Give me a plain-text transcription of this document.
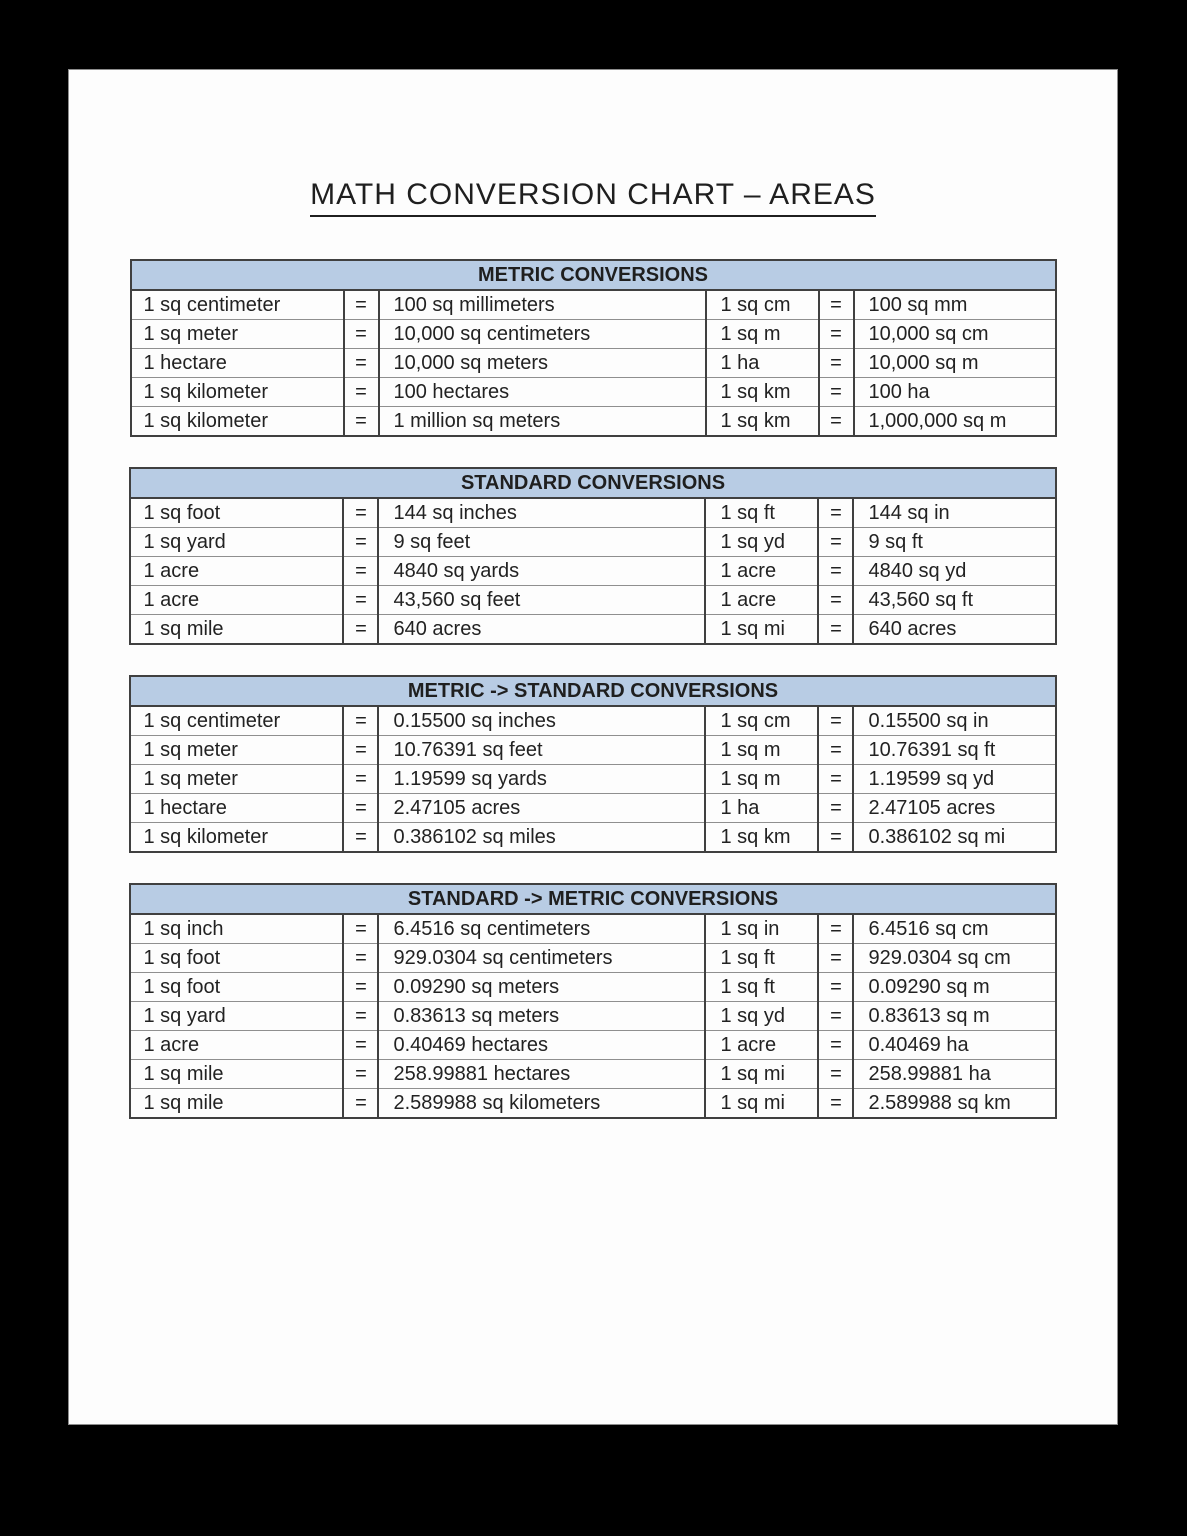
MATH CONVERSION CHART – AREAS
METRIC CONVERSIONS					
1 sq centimeter	=	100 sq millimeters	1 sq cm	=	100 sq mm
1 sq meter	=	10,000 sq centimeters	1 sq m	=	10,000 sq cm
1 hectare	=	10,000 sq meters	1 ha	=	10,000 sq m
1 sq kilometer	=	100 hectares	1 sq km	=	100 ha
1 sq kilometer	=	1 million sq meters	1 sq km	=	1,000,000 sq m
STANDARD CONVERSIONS					
1 sq foot	=	144 sq inches	1 sq ft	=	144 sq in
1 sq yard	=	9 sq feet	1 sq yd	=	9 sq ft
1 acre	=	4840 sq yards	1 acre	=	4840 sq yd
1 acre	=	43,560 sq feet	1 acre	=	43,560 sq ft
1 sq mile	=	640 acres	1 sq mi	=	640 acres
METRIC -> STANDARD CONVERSIONS					
1 sq centimeter	=	0.15500 sq inches	1 sq cm	=	0.15500 sq in
1 sq meter	=	10.76391 sq feet	1 sq m	=	10.76391 sq ft
1 sq meter	=	1.19599 sq yards	1 sq m	=	1.19599 sq yd
1 hectare	=	2.47105 acres	1 ha	=	2.47105 acres
1 sq kilometer	=	0.386102 sq miles	1 sq km	=	0.386102 sq mi
STANDARD -> METRIC CONVERSIONS					
1 sq inch	=	6.4516 sq centimeters	1 sq in	=	6.4516 sq cm
1 sq foot	=	929.0304 sq centimeters	1 sq ft	=	929.0304 sq cm
1 sq foot	=	0.09290 sq meters	1 sq ft	=	0.09290 sq m
1 sq yard	=	0.83613 sq meters	1 sq yd	=	0.83613 sq m
1 acre	=	0.40469 hectares	1 acre	=	0.40469 ha
1 sq mile	=	258.99881 hectares	1 sq mi	=	258.99881 ha
1 sq mile	=	2.589988 sq kilometers	1 sq mi	=	2.589988 sq km
